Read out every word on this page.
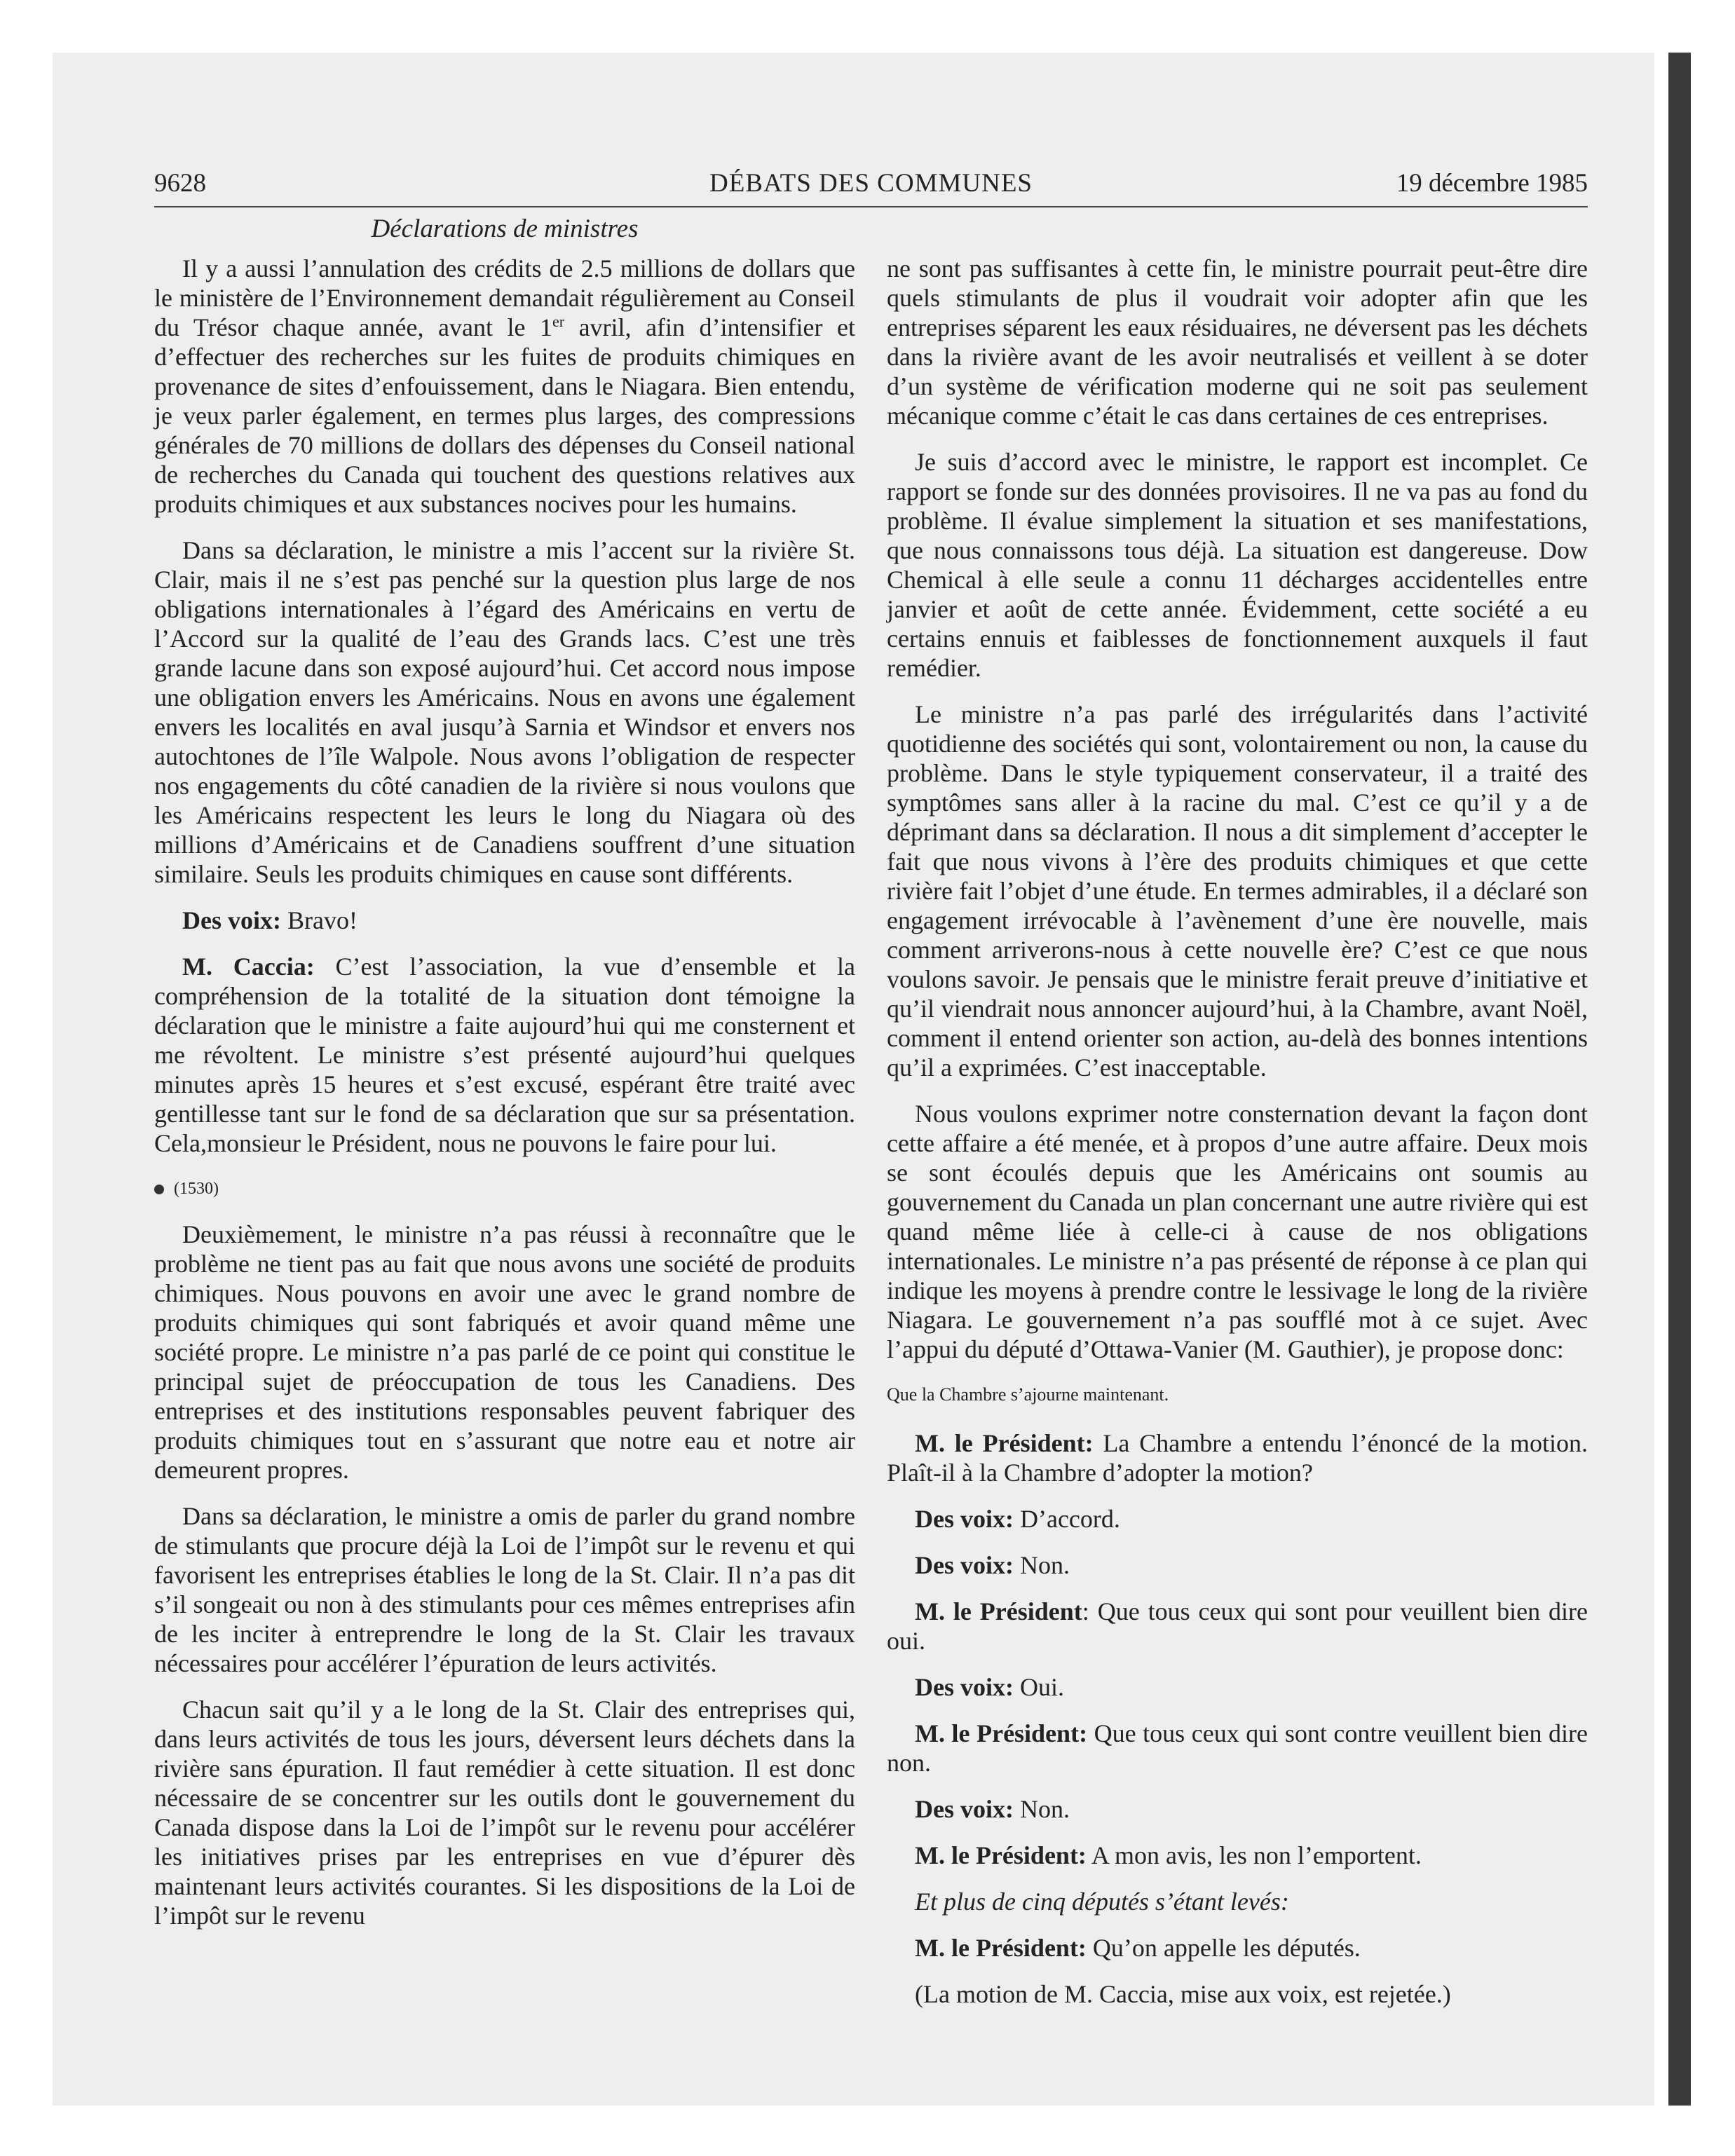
9628	DÉBATS DES COMMUNES	19 décembre 1985
Déclarations de ministres

Il y a aussi l’annulation des crédits de 2.5 millions de dollars que le ministère de l’Environnement demandait régulièrement au Conseil du Trésor chaque année, avant le 1er avril, afin d’intensifier et d’effectuer des recherches sur les fuites de produits chimiques en provenance de sites d’enfouissement, dans le Niagara. Bien entendu, je veux parler également, en termes plus larges, des compressions générales de 70 millions de dollars des dépenses du Conseil national de recherches du Canada qui touchent des questions relatives aux produits chimiques et aux substances nocives pour les humains.

Dans sa déclaration, le ministre a mis l’accent sur la rivière St. Clair, mais il ne s’est pas penché sur la question plus large de nos obligations internationales à l’égard des Américains en vertu de l’Accord sur la qualité de l’eau des Grands lacs. C’est une très grande lacune dans son exposé aujourd’hui. Cet accord nous impose une obligation envers les Américains. Nous en avons une également envers les localités en aval jusqu’à Sarnia et Windsor et envers nos autochtones de l’île Walpole. Nous avons l’obligation de respecter nos engagements du côté canadien de la rivière si nous voulons que les Américains respectent les leurs le long du Niagara où des millions d’Américains et de Canadiens souffrent d’une situation similaire. Seuls les produits chimiques en cause sont différents.

Des voix: Bravo!

M. Caccia: C’est l’association, la vue d’ensemble et la compréhension de la totalité de la situation dont témoigne la déclaration que le ministre a faite aujourd’hui qui me consternent et me révoltent. Le ministre s’est présenté aujourd’hui quelques minutes après 15 heures et s’est excusé, espérant être traité avec gentillesse tant sur le fond de sa déclaration que sur sa présentation. Cela,monsieur le Président, nous ne pouvons le faire pour lui.

(1530)

Deuxièmement, le ministre n’a pas réussi à reconnaître que le problème ne tient pas au fait que nous avons une société de produits chimiques. Nous pouvons en avoir une avec le grand nombre de produits chimiques qui sont fabriqués et avoir quand même une société propre. Le ministre n’a pas parlé de ce point qui constitue le principal sujet de préoccupation de tous les Canadiens. Des entreprises et des institutions responsables peuvent fabriquer des produits chimiques tout en s’assurant que notre eau et notre air demeurent propres.

Dans sa déclaration, le ministre a omis de parler du grand nombre de stimulants que procure déjà la Loi de l’impôt sur le revenu et qui favorisent les entreprises établies le long de la St. Clair. Il n’a pas dit s’il songeait ou non à des stimulants pour ces mêmes entreprises afin de les inciter à entreprendre le long de la St. Clair les travaux nécessaires pour accélérer l’épuration de leurs activités.

Chacun sait qu’il y a le long de la St. Clair des entreprises qui, dans leurs activités de tous les jours, déversent leurs déchets dans la rivière sans épuration. Il faut remédier à cette situation. Il est donc nécessaire de se concentrer sur les outils dont le gouvernement du Canada dispose dans la Loi de l’impôt sur le revenu pour accélérer les initiatives prises par les entreprises en vue d’épurer dès maintenant leurs activités courantes. Si les dispositions de la Loi de l’impôt sur le revenu

ne sont pas suffisantes à cette fin, le ministre pourrait peut-être dire quels stimulants de plus il voudrait voir adopter afin que les entreprises séparent les eaux résiduaires, ne déversent pas les déchets dans la rivière avant de les avoir neutralisés et veillent à se doter d’un système de vérification moderne qui ne soit pas seulement mécanique comme c’était le cas dans certaines de ces entreprises.

Je suis d’accord avec le ministre, le rapport est incomplet. Ce rapport se fonde sur des données provisoires. Il ne va pas au fond du problème. Il évalue simplement la situation et ses manifestations, que nous connaissons tous déjà. La situation est dangereuse. Dow Chemical à elle seule a connu 11 décharges accidentelles entre janvier et août de cette année. Évidemment, cette société a eu certains ennuis et faiblesses de fonctionnement auxquels il faut remédier.

Le ministre n’a pas parlé des irrégularités dans l’activité quotidienne des sociétés qui sont, volontairement ou non, la cause du problème. Dans le style typiquement conservateur, il a traité des symptômes sans aller à la racine du mal. C’est ce qu’il y a de déprimant dans sa déclaration. Il nous a dit simplement d’accepter le fait que nous vivons à l’ère des produits chimiques et que cette rivière fait l’objet d’une étude. En termes admirables, il a déclaré son engagement irrévocable à l’avènement d’une ère nouvelle, mais comment arriverons-nous à cette nouvelle ère? C’est ce que nous voulons savoir. Je pensais que le ministre ferait preuve d’initiative et qu’il viendrait nous annoncer aujourd’hui, à la Chambre, avant Noël, comment il entend orienter son action, au-delà des bonnes intentions qu’il a exprimées. C’est inacceptable.

Nous voulons exprimer notre consternation devant la façon dont cette affaire a été menée, et à propos d’une autre affaire. Deux mois se sont écoulés depuis que les Américains ont soumis au gouvernement du Canada un plan concernant une autre rivière qui est quand même liée à celle-ci à cause de nos obligations internationales. Le ministre n’a pas présenté de réponse à ce plan qui indique les moyens à prendre contre le lessivage le long de la rivière Niagara. Le gouvernement n’a pas soufflé mot à ce sujet. Avec l’appui du député d’Ottawa-Vanier (M. Gauthier), je propose donc:

Que la Chambre s’ajourne maintenant.

M. le Président: La Chambre a entendu l’énoncé de la motion. Plaît-il à la Chambre d’adopter la motion?

Des voix: D’accord.

Des voix: Non.

M. le Président: Que tous ceux qui sont pour veuillent bien dire oui.

Des voix: Oui.

M. le Président: Que tous ceux qui sont contre veuillent bien dire non.

Des voix: Non.

M. le Président: A mon avis, les non l’emportent.

Et plus de cinq députés s’étant levés:

M. le Président: Qu’on appelle les députés.

(La motion de M. Caccia, mise aux voix, est rejetée.)
